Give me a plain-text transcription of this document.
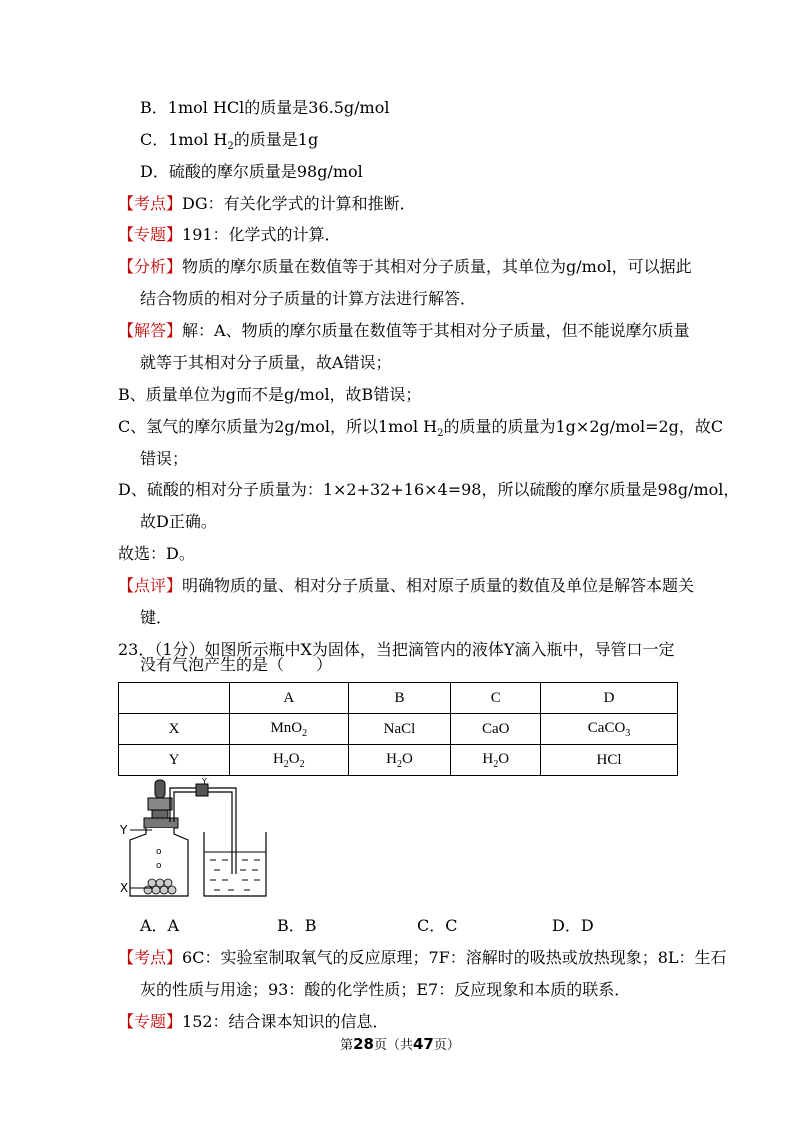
B．1mol HCl的质量是36.5g/mol
C．1mol $H_2$的质量是1g
D．硫酸的摩尔质量是98g/mol
【考点】DG：有关化学式的计算和推断．
【专题】191：化学式的计算．
【分析】物质的摩尔质量在数值等于其相对分子质量，其单位为g/mol，可以据此
结合物质的相对分子质量的计算方法进行解答．
【解答】解：A、物质的摩尔质量在数值等于其相对分子质量，但不能说摩尔质量
就等于其相对分子质量，故A错误；
B、质量单位为g而不是g/mol，故B错误；
C、氢气的摩尔质量为2g/mol，所以1mol $H_2$的质量的质量为1g×2g/mol=2g，故C
错误；
D、硫酸的相对分子质量为：1×2+32+16×4=98，所以硫酸的摩尔质量是98g/mol，
故D正确。
故选：D。
【点评】明确物质的量、相对分子质量、相对原子质量的数值及单位是解答本题关
键．
23．（1分）如图所示瓶中X为固体，当把滴管内的液体Y滴入瓶中，导管口一定
没有气泡产生的是（　　）
	A	B	C	D
X	MnO$_2$	NaCl	CaO	CaCO$_3$
Y	$H_2O_2$	$H_2O$	$H_2O$	HCl
o
o
Y
X
Y
A．A	B．B	C．C	D．D
【考点】6C：实验室制取氧气的反应原理；7F：溶解时的吸热或放热现象；8L：生石
灰的性质与用途；93：酸的化学性质；E7：反应现象和本质的联系．
【专题】152：结合课本知识的信息．
第28页（共47页）
